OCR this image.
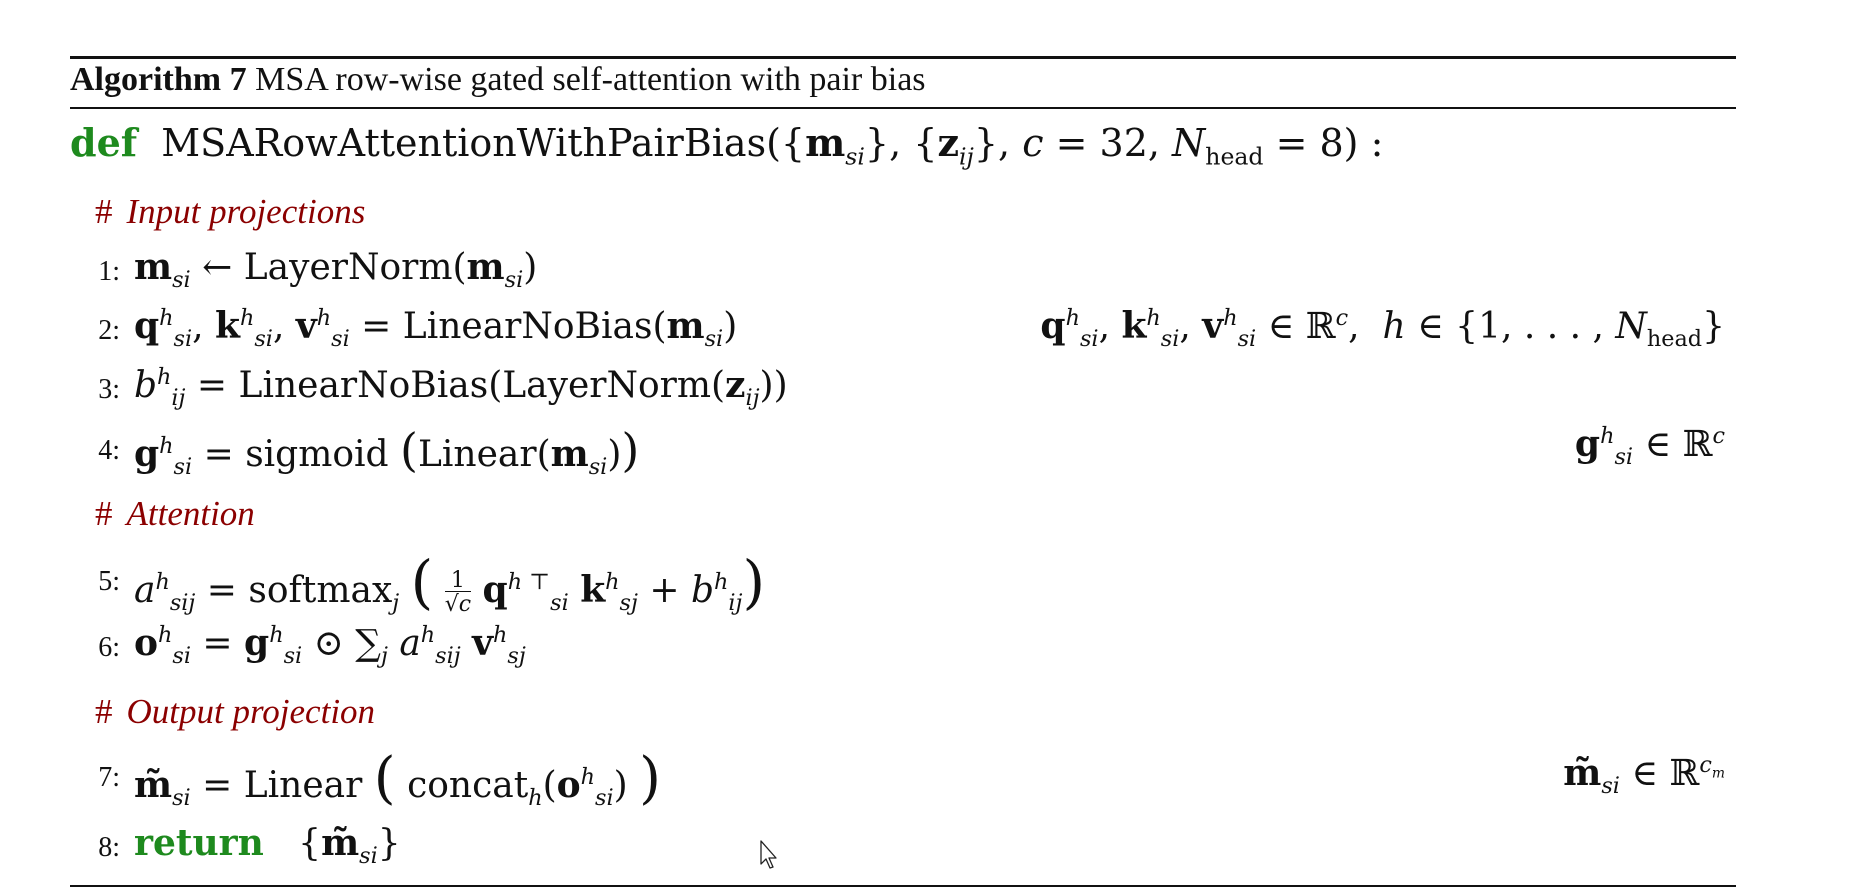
Algorithm 7 MSA row-wise gated self-attention with pair bias
def $MSARowAttentionWithPairBias(\{m_{si}\}$, $\{z_{ij}\}$, c = 32, $N_{head} = 8$) :
# Input projections
1: $m_{si}$ ← $LayerNorm(m_{si})$
2: $q^h_{si}$, $k^h_{si}$, $v^h_{si}$ = $LinearNoBias(m_{si})$	$q^h_{si}$, $k^h_{si}$, $v^h_{si}$ ∈ ℝ$^c$,  h ∈ {1, . . . , $N_{head}$}
3: $b^h_{ij}$ = $LinearNoBias(LayerNorm(z_{ij}))$
4: $g^h_{si}$ = sigmoid $(Linear(m_{si}))$	$g^h_{si}$ ∈ ℝ$^c$
# Attention
5: $a^h_{sij}$ = softmax$_j$ ( 1
√c $q^{h ⊤}_{si}$ $k^h_{sj} + b^h_{ij}$)
6: $o^h_{si} = g^h_{si}$ ⊙ $\sum_j$ $a^h_{sij}$ $v^h_{sj}$
# Output projection
7: $m̃_{si}$ = Linear ( $concat_h(o^h_{si})$ )	$m̃_{si}$ ∈ ℝ$^{c_m}$
8: return   $\{m̃_{si}\}$
